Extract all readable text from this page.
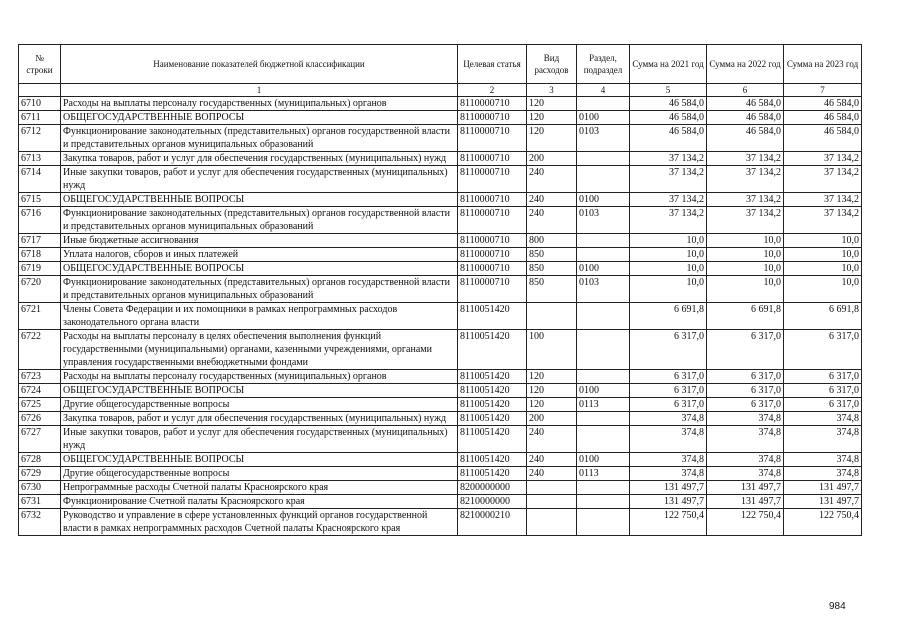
№ строки	Наименование показателей бюджетной классификации	Целевая статья	Вид расходов	Раздел, подраздел	Сумма на 2021 год	Сумма на 2022 год	Сумма на 2023 год
	1	2	3	4	5	6	7
6710	Расходы на выплаты персоналу государственных (муниципальных) органов	8110000710	120		46 584,0	46 584,0	46 584,0
6711	ОБЩЕГОСУДАРСТВЕННЫЕ ВОПРОСЫ	8110000710	120	0100	46 584,0	46 584,0	46 584,0
6712	Функционирование законодательных (представительных) органов государственной власти и представительных органов муниципальных образований	8110000710	120	0103	46 584,0	46 584,0	46 584,0
6713	Закупка товаров, работ и услуг для обеспечения государственных (муниципальных) нужд	8110000710	200		37 134,2	37 134,2	37 134,2
6714	Иные закупки товаров, работ и услуг для обеспечения государственных (муниципальных) нужд	8110000710	240		37 134,2	37 134,2	37 134,2
6715	ОБЩЕГОСУДАРСТВЕННЫЕ ВОПРОСЫ	8110000710	240	0100	37 134,2	37 134,2	37 134,2
6716	Функционирование законодательных (представительных) органов государственной власти и представительных органов муниципальных образований	8110000710	240	0103	37 134,2	37 134,2	37 134,2
6717	Иные бюджетные ассигнования	8110000710	800		10,0	10,0	10,0
6718	Уплата налогов, сборов и иных платежей	8110000710	850		10,0	10,0	10,0
6719	ОБЩЕГОСУДАРСТВЕННЫЕ ВОПРОСЫ	8110000710	850	0100	10,0	10,0	10,0
6720	Функционирование законодательных (представительных) органов государственной власти и представительных органов муниципальных образований	8110000710	850	0103	10,0	10,0	10,0
6721	Члены Совета Федерации и их помощники в рамках непрограммных расходов законодательного органа власти	8110051420			6 691,8	6 691,8	6 691,8
6722	Расходы на выплаты персоналу в целях обеспечения выполнения функций государственными (муниципальными) органами, казенными учреждениями, органами управления государственными внебюджетными фондами	8110051420	100		6 317,0	6 317,0	6 317,0
6723	Расходы на выплаты персоналу государственных (муниципальных) органов	8110051420	120		6 317,0	6 317,0	6 317,0
6724	ОБЩЕГОСУДАРСТВЕННЫЕ ВОПРОСЫ	8110051420	120	0100	6 317,0	6 317,0	6 317,0
6725	Другие общегосударственные вопросы	8110051420	120	0113	6 317,0	6 317,0	6 317,0
6726	Закупка товаров, работ и услуг для обеспечения государственных (муниципальных) нужд	8110051420	200		374,8	374,8	374,8
6727	Иные закупки товаров, работ и услуг для обеспечения государственных (муниципальных) нужд	8110051420	240		374,8	374,8	374,8
6728	ОБЩЕГОСУДАРСТВЕННЫЕ ВОПРОСЫ	8110051420	240	0100	374,8	374,8	374,8
6729	Другие общегосударственные вопросы	8110051420	240	0113	374,8	374,8	374,8
6730	Непрограммные расходы Счетной палаты Красноярского края	8200000000			131 497,7	131 497,7	131 497,7
6731	Функционирование Счетной палаты Красноярского края	8210000000			131 497,7	131 497,7	131 497,7
6732	Руководство и управление в сфере установленных функций органов государственной власти в рамках непрограммных расходов Счетной палаты Красноярского края	8210000210			122 750,4	122 750,4	122 750,4
984
